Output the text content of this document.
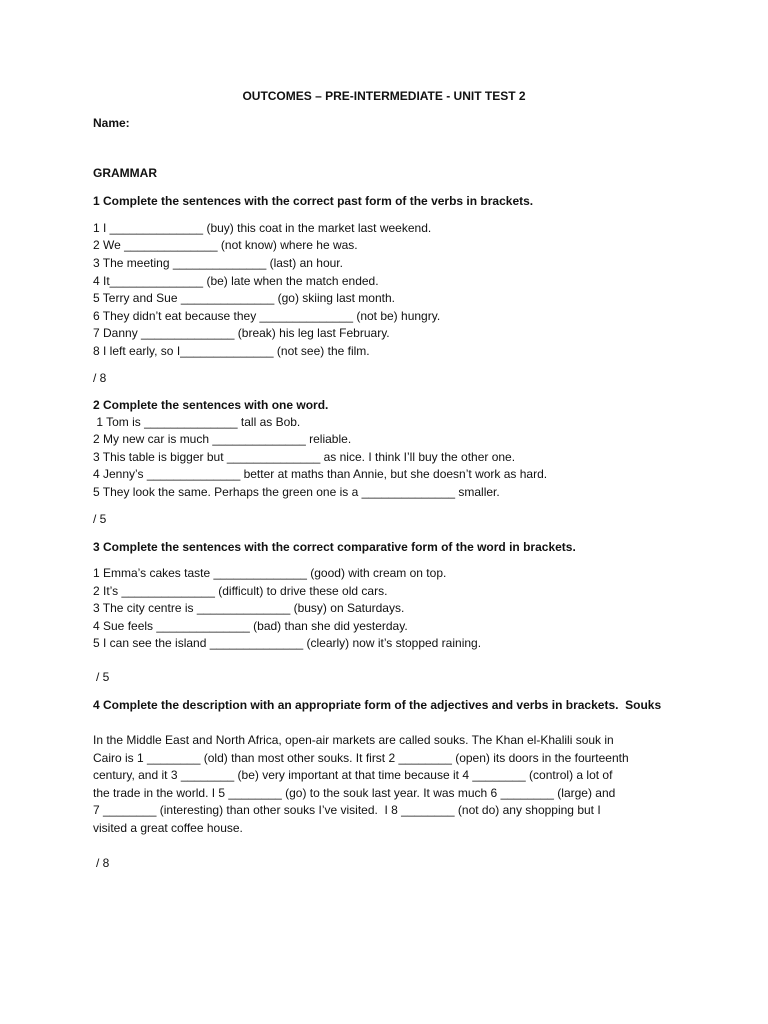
OUTCOMES – PRE-INTERMEDIATE - UNIT TEST 2
Name:
GRAMMAR
1 Complete the sentences with the correct past form of the verbs in brackets.
1 I ______________ (buy) this coat in the market last weekend.
2 We ______________ (not know) where he was.
3 The meeting ______________ (last) an hour.
4 It______________ (be) late when the match ended.
5 Terry and Sue ______________ (go) skiing last month.
6 They didn’t eat because they ______________ (not be) hungry.
7 Danny ______________ (break) his leg last February.
8 I left early, so I______________ (not see) the film.
/ 8
2 Complete the sentences with one word.
1 Tom is ______________ tall as Bob.
2 My new car is much ______________ reliable.
3 This table is bigger but ______________ as nice. I think I’ll buy the other one.
4 Jenny’s ______________ better at maths than Annie, but she doesn’t work as hard.
5 They look the same. Perhaps the green one is a ______________ smaller.
/ 5
3 Complete the sentences with the correct comparative form of the word in brackets.
1 Emma’s cakes taste ______________ (good) with cream on top.
2 It’s ______________ (difficult) to drive these old cars.
3 The city centre is ______________ (busy) on Saturdays.
4 Sue feels ______________ (bad) than she did yesterday.
5 I can see the island ______________ (clearly) now it’s stopped raining.
/ 5
4 Complete the description with an appropriate form of the adjectives and verbs in brackets.  Souks
In the Middle East and North Africa, open-air markets are called souks. The Khan el-Khalili souk in
Cairo is 1 ________ (old) than most other souks. It first 2 ________ (open) its doors in the fourteenth
century, and it 3 ________ (be) very important at that time because it 4 ________ (control) a lot of
the trade in the world. I 5 ________ (go) to the souk last year. It was much 6 ________ (large) and
7 ________ (interesting) than other souks I’ve visited.  I 8 ________ (not do) any shopping but I
visited a great coffee house.
/ 8
